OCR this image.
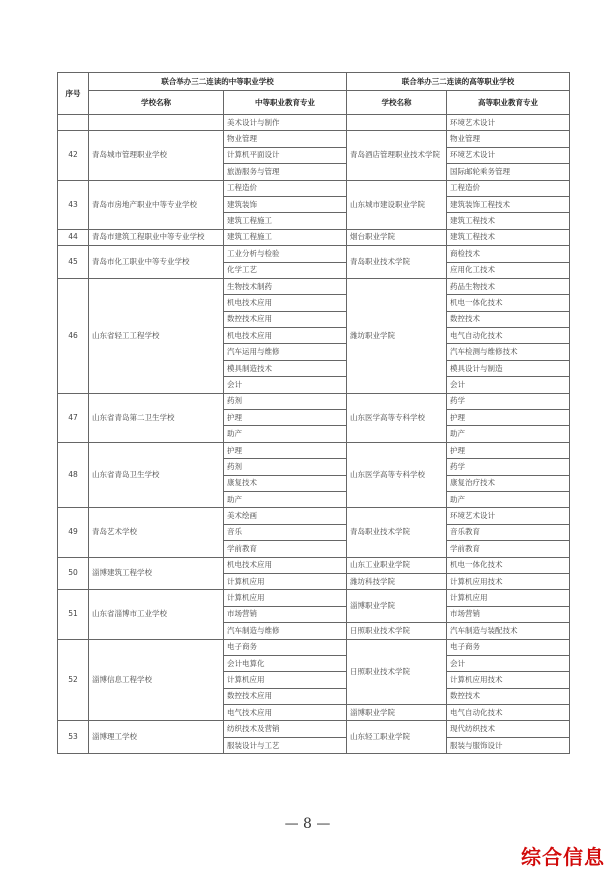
序号	联合举办三二连读的中等职业学校		联合举办三二连读的高等职业学校	
	学校名称	中等职业教育专业	学校名称	高等职业教育专业
		美术设计与制作		环境艺术设计
42	青岛城市管理职业学校	物业管理	青岛酒店管理职业技术学院	物业管理
		计算机平面设计		环境艺术设计
		旅游服务与管理		国际邮轮乘务管理
43	青岛市房地产职业中等专业学校	工程造价	山东城市建设职业学院	工程造价
		建筑装饰		建筑装饰工程技术
		建筑工程施工		建筑工程技术
44	青岛市建筑工程职业中等专业学校	建筑工程施工	烟台职业学院	建筑工程技术
45	青岛市化工职业中等专业学校	工业分析与检验	青岛职业技术学院	商检技术
		化学工艺		应用化工技术
46	山东省轻工工程学校	生物技术制药	潍坊职业学院	药品生物技术
		机电技术应用		机电一体化技术
		数控技术应用		数控技术
		机电技术应用		电气自动化技术
		汽车运用与维修		汽车检测与维修技术
		模具制造技术		模具设计与制造
		会计		会计
47	山东省青岛第二卫生学校	药剂	山东医学高等专科学校	药学
		护理		护理
		助产		助产
48	山东省青岛卫生学校	护理	山东医学高等专科学校	护理
		药剂		药学
		康复技术		康复治疗技术
		助产		助产
49	青岛艺术学校	美术绘画	青岛职业技术学院	环境艺术设计
		音乐		音乐教育
		学前教育		学前教育
50	淄博建筑工程学校	机电技术应用	山东工业职业学院	机电一体化技术
		计算机应用	潍坊科技学院	计算机应用技术
51	山东省淄博市工业学校	计算机应用	淄博职业学院	计算机应用
		市场营销		市场营销
		汽车制造与维修	日照职业技术学院	汽车制造与装配技术
52	淄博信息工程学校	电子商务	日照职业技术学院	电子商务
		会计电算化		会计
		计算机应用		计算机应用技术
		数控技术应用		数控技术
		电气技术应用	淄博职业学院	电气自动化技术
53	淄博理工学校	纺织技术及营销	山东轻工职业学院	现代纺织技术
		服装设计与工艺		服装与服饰设计
— 8 —
综合信息
